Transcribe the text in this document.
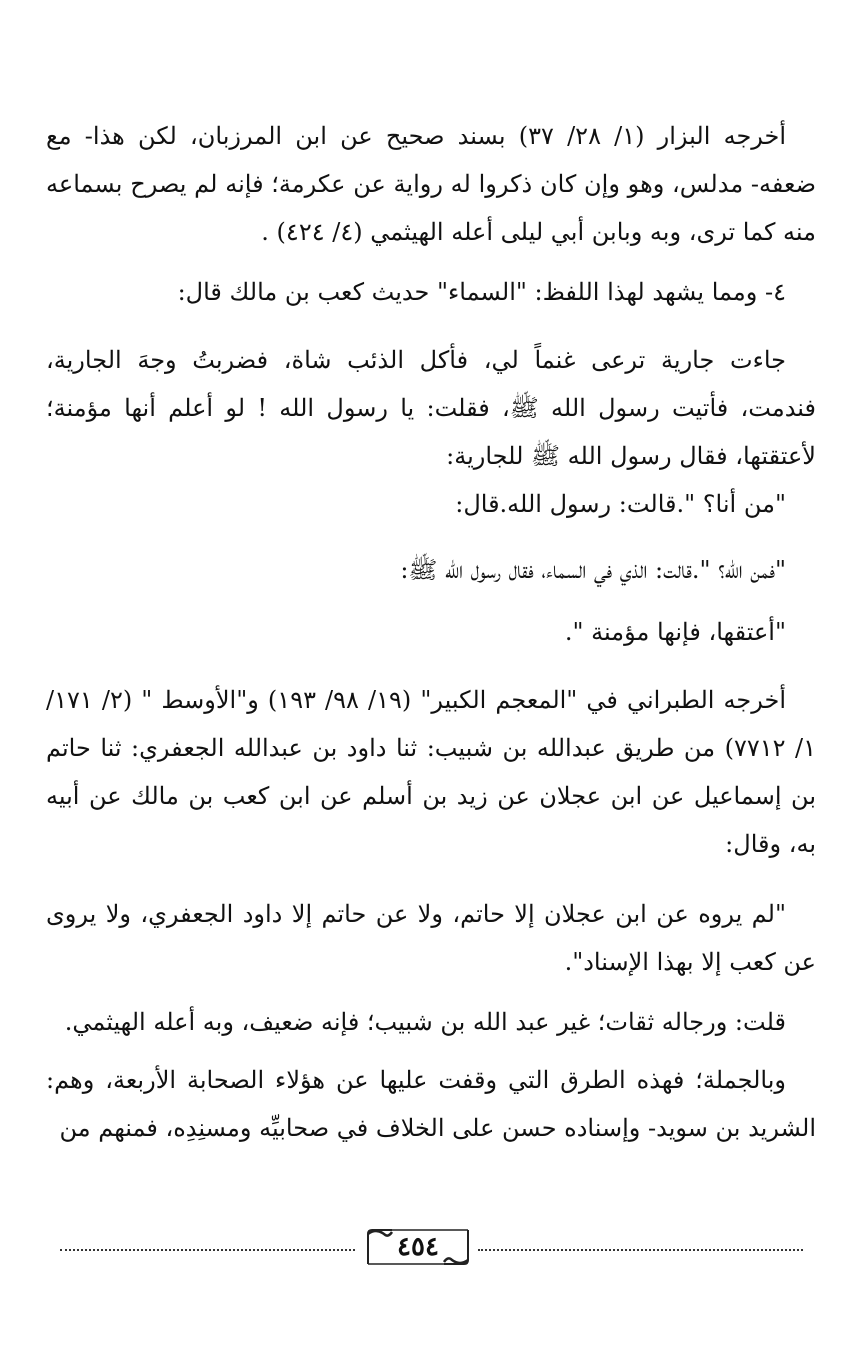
أخرجه البزار (١/ ٢٨/ ٣٧) بسند صحيح عن ابن المرزبان، لكن هذا- مع ضعفه- مدلس، وهو وإن كان ذكروا له رواية عن عكرمة؛ فإنه لم يصرح بسماعه منه كما ترى، وبه وبابن أبي ليلى أعله الهيثمي (٤/ ٤٢٤) .

٤- ومما يشهد لهذا اللفظ: "السماء" حديث كعب بن مالك قال:

جاءت جارية ترعى غنماً لي، فأكل الذئب شاة، فضربتُ وجهَ الجارية، فندمت، فأتيت رسول الله ﷺ، فقلت: يا رسول الله ! لو أعلم أنها مؤمنة؛ لأعتقتها، فقال رسول الله ﷺ للجارية:

"من أنا؟ ".قالت: رسول الله.قال:

"فمن الله؟ ".قالت: الذي في السماء، فقال رسول الله ﷺ:

"أعتقها، فإنها مؤمنة ".

أخرجه الطبراني في "المعجم الكبير" (١٩/ ٩٨/ ١٩٣) و"الأوسط " (٢/ ١٧١/ ١/ ٧٧١٢) من طريق عبدالله بن شبيب: ثنا داود بن عبدالله الجعفري: ثنا حاتم بن إسماعيل عن ابن عجلان عن زيد بن أسلم عن ابن كعب بن مالك عن أبيه به، وقال:

"لم يروه عن ابن عجلان إلا حاتم، ولا عن حاتم إلا داود الجعفري، ولا يروى عن كعب إلا بهذا الإسناد".

قلت: ورجاله ثقات؛ غير عبد الله بن شبيب؛ فإنه ضعيف، وبه أعله الهيثمي.

وبالجملة؛ فهذه الطرق التي وقفت عليها عن هؤلاء الصحابة الأربعة، وهم: الشريد بن سويد- وإسناده حسن على الخلاف في صحابيِّه ومسنِدِه، فمنهم من

٤٥٤
